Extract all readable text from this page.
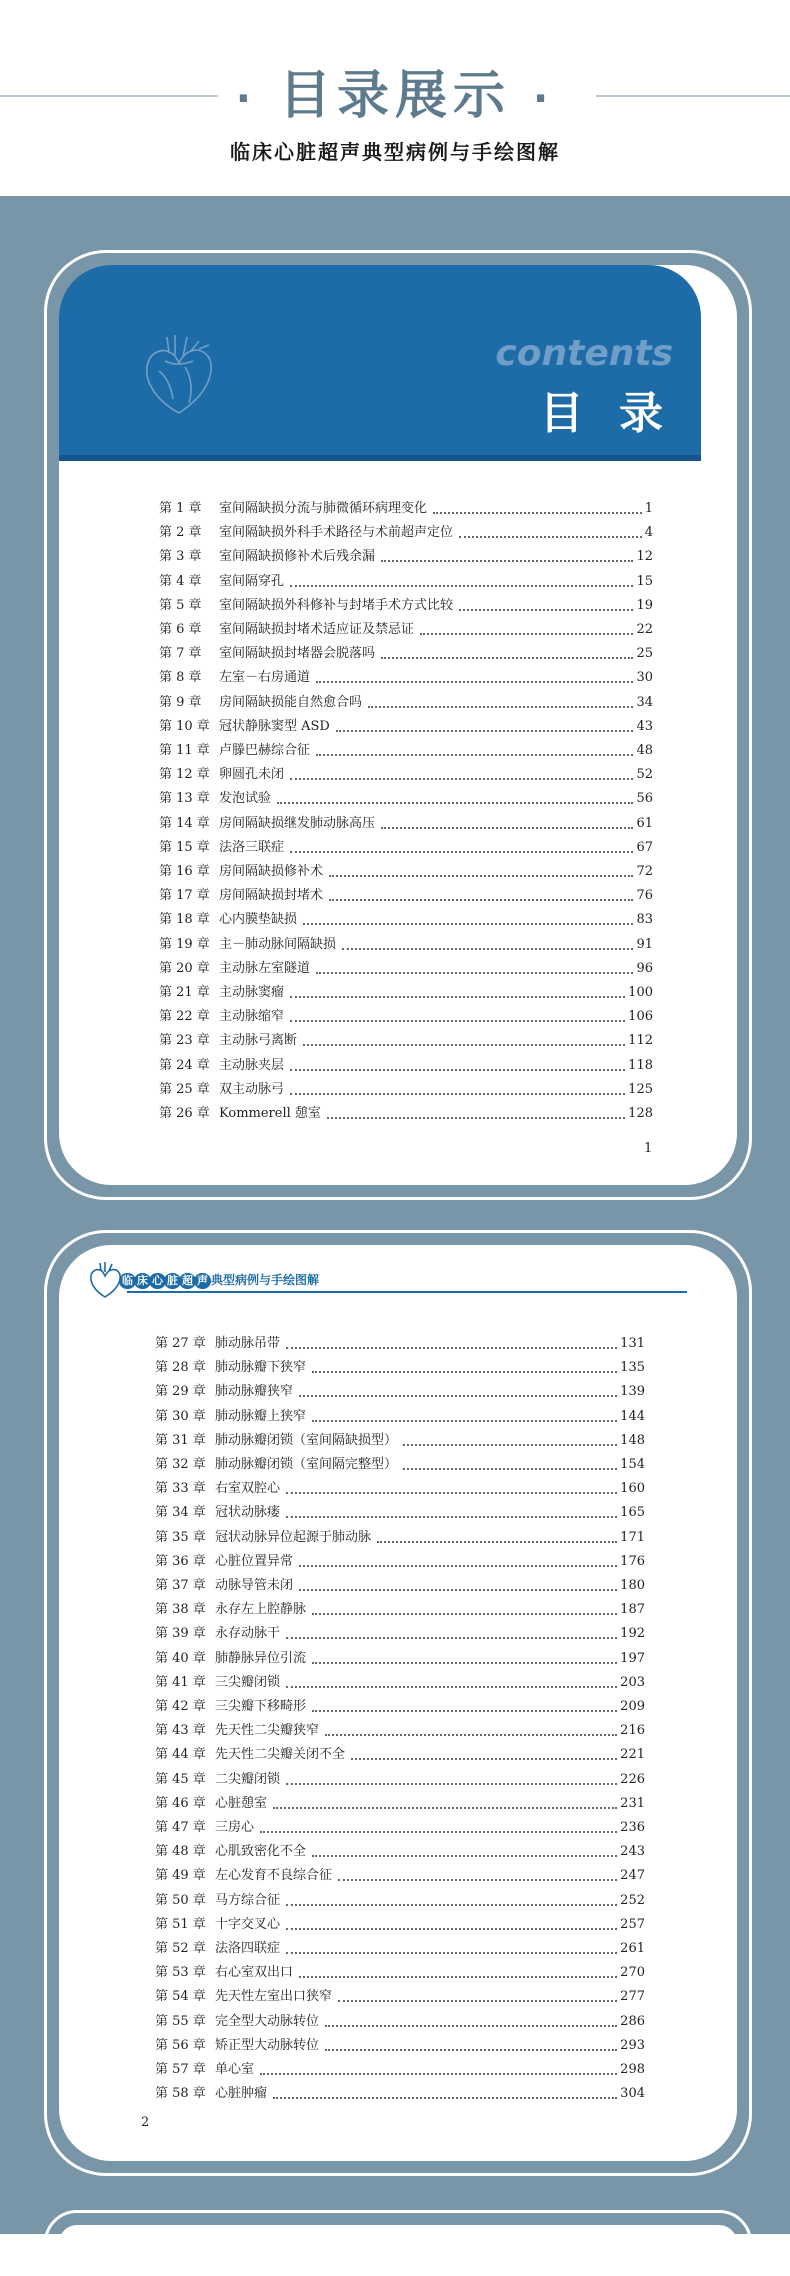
· 目录展示 ·
临床心脏超声典型病例与手绘图解
contents
目 录
第 1 章 室间隔缺损分流与肺微循环病理变化	1
第 2 章 室间隔缺损外科手术路径与术前超声定位	4
第 3 章 室间隔缺损修补术后残余漏	12
第 4 章 室间隔穿孔	15
第 5 章 室间隔缺损外科修补与封堵手术方式比较	19
第 6 章 室间隔缺损封堵术适应证及禁忌证	22
第 7 章 室间隔缺损封堵器会脱落吗	25
第 8 章 左室－右房通道	30
第 9 章 房间隔缺损能自然愈合吗	34
第 10 章 冠状静脉窦型 ASD	43
第 11 章 卢滕巴赫综合征	48
第 12 章 卵圆孔未闭	52
第 13 章 发泡试验	56
第 14 章 房间隔缺损继发肺动脉高压	61
第 15 章 法洛三联症	67
第 16 章 房间隔缺损修补术	72
第 17 章 房间隔缺损封堵术	76
第 18 章 心内膜垫缺损	83
第 19 章 主－肺动脉间隔缺损	91
第 20 章 主动脉左室隧道	96
第 21 章 主动脉窦瘤	100
第 22 章 主动脉缩窄	106
第 23 章 主动脉弓离断	112
第 24 章 主动脉夹层	118
第 25 章 双主动脉弓	125
第 26 章 Kommerell 憩室	128
1
临 床 心 脏 超 声 典型病例与手绘图解
第 27 章 肺动脉吊带	131
第 28 章 肺动脉瓣下狭窄	135
第 29 章 肺动脉瓣狭窄	139
第 30 章 肺动脉瓣上狭窄	144
第 31 章 肺动脉瓣闭锁（室间隔缺损型）	148
第 32 章 肺动脉瓣闭锁（室间隔完整型）	154
第 33 章 右室双腔心	160
第 34 章 冠状动脉瘘	165
第 35 章 冠状动脉异位起源于肺动脉	171
第 36 章 心脏位置异常	176
第 37 章 动脉导管未闭	180
第 38 章 永存左上腔静脉	187
第 39 章 永存动脉干	192
第 40 章 肺静脉异位引流	197
第 41 章 三尖瓣闭锁	203
第 42 章 三尖瓣下移畸形	209
第 43 章 先天性二尖瓣狭窄	216
第 44 章 先天性二尖瓣关闭不全	221
第 45 章 二尖瓣闭锁	226
第 46 章 心脏憩室	231
第 47 章 三房心	236
第 48 章 心肌致密化不全	243
第 49 章 左心发育不良综合征	247
第 50 章 马方综合征	252
第 51 章 十字交叉心	257
第 52 章 法洛四联症	261
第 53 章 右心室双出口	270
第 54 章 先天性左室出口狭窄	277
第 55 章 完全型大动脉转位	286
第 56 章 矫正型大动脉转位	293
第 57 章 单心室	298
第 58 章 心脏肿瘤	304
2
